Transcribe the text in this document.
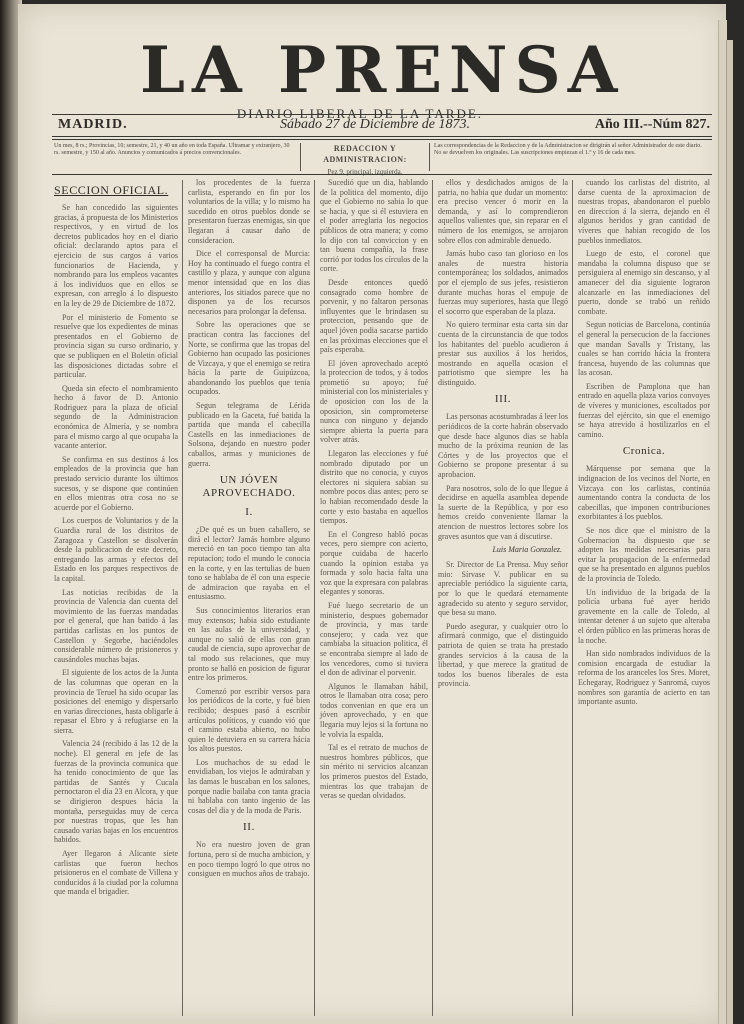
LA PRENSA
DIARIO LIBERAL DE LA TARDE.
MADRID.	Sábado 27 de Diciembre de 1873.	Año III.--Núm 827.
Un mes, 8 rs.; Provincias, 10; semestre, 21, y 40 un año en toda España. Ultramar y extranjero, 30 rs. semestre, y 150 al año. Anuncios y comunicados á precios convencionales.	REDACCION Y ADMINISTRACION:
Pez 9, principal, izquierda.
Las correspondencias de la Redaccion y de la Administracion se dirigirán al señor Administrador de este diario. No se devuelven los originales. Las suscripciones empiezan el 1.º y 16 de cada mes.
SECCION OFICIAL.
Se han concedido las siguientes gracias, á propuesta de los Ministerios respectivos, y en virtud de los decretos publicados hoy en el diario oficial: declarando aptos para el ejercicio de sus cargos á varios funcionarios de Hacienda, y nombrando para los empleos vacantes á los individuos que en ellos se expresan, con arreglo á lo dispuesto en la ley de 29 de Diciembre de 1872.
Por el ministerio de Fomento se resuelve que los expedientes de minas presentados en el Gobierno de provincia sigan su curso ordinario, y que se publiquen en el Boletin oficial las disposiciones dictadas sobre el particular.
Queda sin efecto el nombramiento hecho á favor de D. Antonio Rodriguez para la plaza de oficial segundo de la Administracion económica de Almería, y se nombra para el mismo cargo al que ocupaba la vacante anterior.
Se confirma en sus destinos á los empleados de la provincia que han prestado servicio durante los últimos sucesos, y se dispone que continúen en ellos mientras otra cosa no se acuerde por el Gobierno.
Los cuerpos de Voluntarios y de la Guardia rural de los distritos de Zaragoza y Castellon se disolverán desde la publicacion de este decreto, entregando las armas y efectos del Estado en los parques respectivos de la capital.
Las noticias recibidas de la provincia de Valencia dan cuenta del movimiento de las fuerzas mandadas por el general, que han batido á las partidas carlistas en los puntos de Castellon y Segorbe, haciéndoles considerable número de prisioneros y causándoles muchas bajas.
El siguiente de los actos de la Junta de las columnas que operan en la provincia de Teruel ha sido ocupar las posiciones del enemigo y dispersarlo en varias direcciones, hasta obligarle á repasar el Ebro y á refugiarse en la sierra.
Valencia 24 (recibido á las 12 de la noche). El general en jefe de las fuerzas de la provincia comunica que ha tenido conocimiento de que las partidas de Santés y Cucala pernoctaron el dia 23 en Alcora, y que se dirigieron despues hácia la montaña, perseguidas muy de cerca por nuestras tropas, que les han causado varias bajas en los encuentros habidos.
Ayer llegaron á Alicante siete carlistas que fueron hechos prisioneros en el combate de Villena y conducidos á la ciudad por la columna que manda el brigadier.
los procedentes de la fuerza carlista, esperando en fin por los voluntarios de la villa; y lo mismo ha sucedido en otros pueblos donde se presentaron fuerzas enemigas, sin que llegaran á causar daño de consideracion.
Dice el corresponsal de Murcia: Hoy ha continuado el fuego contra el castillo y plaza, y aunque con alguna menor intensidad que en los dias anteriores, los sitiados parece que no disponen ya de los recursos necesarios para prolongar la defensa.
Sobre las operaciones que se practican contra las facciones del Norte, se confirma que las tropas del Gobierno han ocupado las posiciones de Vizcaya, y que el enemigo se retira hácia la parte de Guipúzcoa, abandonando los pueblos que tenia ocupados.
Segun telegrama de Lérida publicado en la Gaceta, fué batida la partida que manda el cabecilla Castells en las inmediaciones de Solsona, dejando en nuestro poder caballos, armas y municiones de guerra.
UN JÓVEN APROVECHADO.
I.
¿De qué es un buen caballero, se dirá el lector? Jamás hombre alguno mereció en tan poco tiempo tan alta reputacion; todo el mundo le conocia en la corte, y en las tertulias de buen tono se hablaba de él con una especie de admiracion que rayaba en el entusiasmo.
Sus conocimientos literarios eran muy extensos; habia sido estudiante en las aulas de la universidad, y aunque no salió de ellas con gran caudal de ciencia, supo aprovechar de tal modo sus relaciones, que muy pronto se halló en posicion de figurar entre los primeros.
Comenzó por escribir versos para los periódicos de la corte, y fué bien recibido; despues pasó á escribir artículos políticos, y cuando vió que el camino estaba abierto, no hubo quien le detuviera en su carrera hácia los altos puestos.
Los muchachos de su edad le envidiaban, los viejos le admiraban y las damas le buscaban en los salones, porque nadie bailaba con tanta gracia ni hablaba con tanto ingenio de las cosas del dia y de la moda de Paris.
II.
No era nuestro joven de gran fortuna, pero sí de mucha ambicion, y en poco tiempo logró lo que otros no consiguen en muchos años de trabajo.
Sucedió que un dia, hablando de la politica del momento, dijo que el Gobierno no sabia lo que se hacia, y que si él estuviera en el poder arreglaria los negocios públicos de otra manera; y como lo dijo con tal conviccion y en tan buena compañía, la frase corrió por todos los círculos de la corte.
Desde entonces quedó consagrado como hombre de porvenir, y no faltaron personas influyentes que le brindasen su proteccion, pensando que de aquel jóven podia sacarse partido en las próximas elecciones que el país esperaba.
El jóven aprovechado aceptó la proteccion de todos, y á todos prometió su apoyo; fué ministerial con los ministeriales y de oposicion con los de la oposicion, sin comprometerse nunca con ninguno y dejando siempre abierta la puerta para volver atrás.
Llegaron las elecciones y fué nombrado diputado por un distrito que no conocia, y cuyos electores ni siquiera sabian su nombre pocos dias antes; pero se lo habian recomendado desde la corte y esto bastaba en aquellos tiempos.
En el Congreso habló pocas veces, pero siempre con acierto, porque cuidaba de hacerlo cuando la opinion estaba ya formada y solo hacia falta una voz que la expresara con palabras elegantes y sonoras.
Fué luego secretario de un ministerio, despues gobernador de provincia, y mas tarde consejero; y cada vez que cambiaba la situacion politica, él se encontraba siempre al lado de los vencedores, como si tuviera el don de adivinar el porvenir.
Algunos le llamaban hábil, otros le llamaban otra cosa; pero todos convenian en que era un jóven aprovechado, y en que llegaria muy lejos si la fortuna no le volvia la espalda.
Tal es el retrato de muchos de nuestros hombres públicos, que sin mérito ni servicios alcanzan los primeros puestos del Estado, mientras los que trabajan de veras se quedan olvidados.
ellos y desdichados amigos de la patria, no habia que dudar un momento: era preciso vencer ó morir en la demanda, y así lo comprendieron aquellos valientes que, sin reparar en el número de los enemigos, se arrojaron sobre ellos con admirable denuedo.
Jamás hubo caso tan glorioso en los anales de nuestra historia contemporánea; los soldados, animados por el ejemplo de sus jefes, resistieron durante muchas horas el empuje de fuerzas muy superiores, hasta que llegó el socorro que esperaban de la plaza.
No quiero terminar esta carta sin dar cuenta de la circunstancia de que todos los habitantes del pueblo acudieron á prestar sus auxilios á los heridos, mostrando en aquella ocasion el patriotismo que siempre les ha distinguido.
III.
Las personas acostumbradas á leer los periódicos de la corte habrán observado que desde hace algunos dias se habla mucho de la próxima reunion de las Córtes y de los proyectos que el Gobierno se propone presentar á su aprobacion.
Para nosotros, solo de lo que llegue á decidirse en aquella asamblea depende la suerte de la República, y por eso hemos creido conveniente llamar la atencion de nuestros lectores sobre los graves asuntos que van á discutirse.
Luis Maria Gonzalez.
Sr. Director de La Prensa. Muy señor mio: Sírvase V. publicar en su apreciable periódico la siguiente carta, por lo que le quedará eternamente agradecido su atento y seguro servidor, que besa su mano.
Puedo asegurar, y cualquier otro lo afirmará conmigo, que el distinguido patriota de quien se trata ha prestado grandes servicios á la causa de la libertad, y que merece la gratitud de todos los buenos liberales de esta provincia.
cuando los carlistas del distrito, al darse cuenta de la aproximacion de nuestras tropas, abandonaron el pueblo en direccion á la sierra, dejando en él algunos heridos y gran cantidad de víveres que habian recogido de los pueblos inmediatos.
Luego de esto, el coronel que mandaba la columna dispuso que se persiguiera al enemigo sin descanso, y al amanecer del dia siguiente lograron alcanzarle en las inmediaciones del puerto, donde se trabó un reñido combate.
Segun noticias de Barcelona, continúa el general la persecucion de la facciones que mandan Savalls y Tristany, las cuales se han corrido hácia la frontera francesa, huyendo de las columnas que las acosan.
Escriben de Pamplona que han entrado en aquella plaza varios convoyes de víveres y municiones, escoltados por fuerzas del ejército, sin que el enemigo se haya atrevido á hostilizarlos en el camino.
Cronica.
Márquense por semana que la indignacion de los vecinos del Norte, en Vizcaya con los carlistas, continúa aumentando contra la conducta de los cabecillas, que imponen contribuciones exorbitantes á los pueblos.
Se nos dice que el ministro de la Gobernacion ha dispuesto que se adopten las medidas necesarias para evitar la propagacion de la enfermedad que se ha presentado en algunos pueblos de la provincia de Toledo.
Un individuo de la brigada de la policía urbana fué ayer herido gravemente en la calle de Toledo, al intentar detener á un sujeto que alteraba el órden público en las primeras horas de la noche.
Han sido nombrados individuos de la comision encargada de estudiar la reforma de los aranceles los Sres. Moret, Echegaray, Rodriguez y Sanromá, cuyos nombres son garantía de acierto en tan importante asunto.
